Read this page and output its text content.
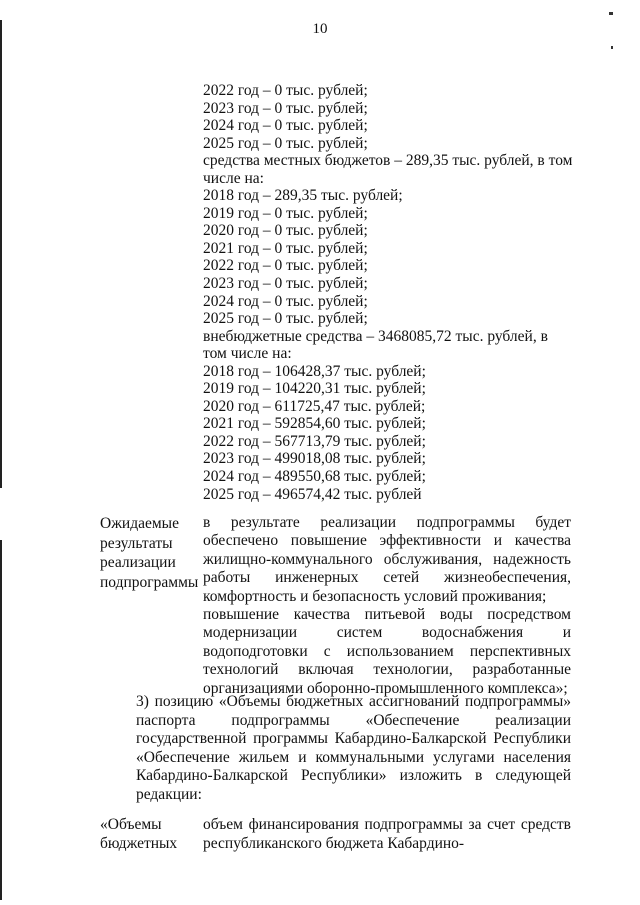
10
2022 год – 0 тыс. рублей;
2023 год – 0 тыс. рублей;
2024 год – 0 тыс. рублей;
2025 год – 0 тыс. рублей;
средства местных бюджетов – 289,35 тыс. рублей, в том числе на:
2018 год – 289,35 тыс. рублей;
2019 год – 0 тыс. рублей;
2020 год – 0 тыс. рублей;
2021 год – 0 тыс. рублей;
2022 год – 0 тыс. рублей;
2023 год – 0 тыс. рублей;
2024 год – 0 тыс. рублей;
2025 год – 0 тыс. рублей;
внебюджетные средства – 3468085,72 тыс. рублей, в том числе на:
2018 год – 106428,37 тыс. рублей;
2019 год – 104220,31 тыс. рублей;
2020 год – 611725,47 тыс. рублей;
2021 год – 592854,60 тыс. рублей;
2022 год – 567713,79 тыс. рублей;
2023 год – 499018,08 тыс. рублей;
2024 год – 489550,68 тыс. рублей;
2025 год – 496574,42 тыс. рублей
Ожидаемые результаты реализации подпрограммы
в результате реализации подпрограммы будет обеспечено повышение эффективности и качества жилищно-коммунального обслуживания, надежность работы инженерных сетей жизнеобеспечения, комфортность и безопасность условий проживания;
повышение качества питьевой воды посредством модернизации систем водоснабжения и водоподготовки с использованием перспективных технологий включая технологии, разработанные организациями оборонно-промышленного комплекса»;
3) позицию «Объемы бюджетных ассигнований подпрограммы» паспорта подпрограммы «Обеспечение реализации государственной программы Кабардино-Балкарской Республики «Обеспечение жильем и коммунальными услугами населения Кабардино-Балкарской Республики» изложить в следующей редакции:
«Объемы бюджетных
объем финансирования подпрограммы за счет средств республиканского бюджета Кабардино-
